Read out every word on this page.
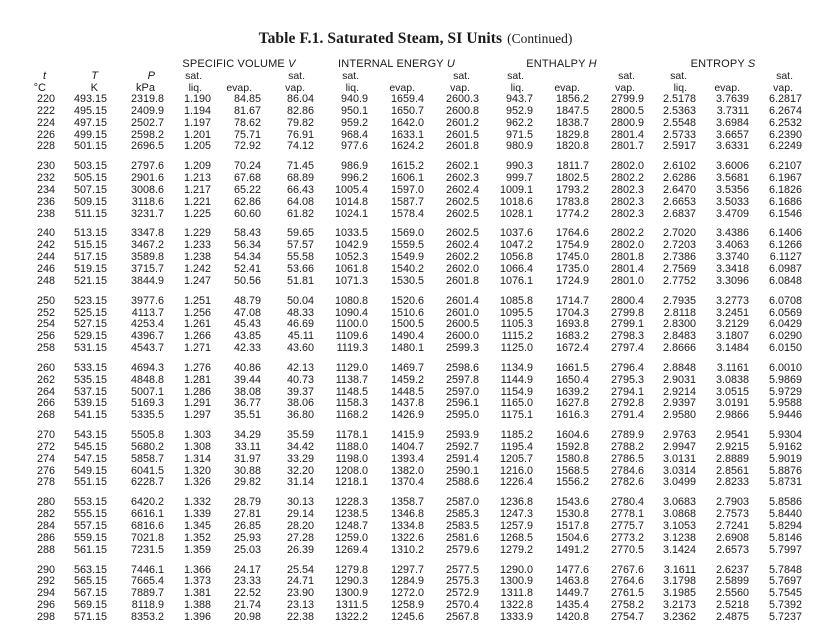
Table F.1. Saturated Steam, SI Units (Continued)
			SPECIFIC VOLUME V			INTERNAL ENERGY U			ENTHALPY H			ENTROPY S		
t	T	P	sat.		sat.	sat.		sat.	sat.		sat.	sat.		sat.
°C	K	kPa	liq.	evap.	vap.	liq.	evap.	vap.	liq.	evap.	vap.	liq.	evap.	vap.
220	493.15	2319.8	1.190	84.85	86.04	940.9	1659.4	2600.3	943.7	1856.2	2799.9	2.5178	3.7639	6.2817
222	495.15	2409.9	1.194	81.67	82.86	950.1	1650.7	2600.8	952.9	1847.5	2800.5	2.5363	3.7311	6.2674
224	497.15	2502.7	1.197	78.62	79.82	959.2	1642.0	2601.2	962.2	1838.7	2800.9	2.5548	3.6984	6.2532
226	499.15	2598.2	1.201	75.71	76.91	968.4	1633.1	2601.5	971.5	1829.8	2801.4	2.5733	3.6657	6.2390
228	501.15	2696.5	1.205	72.92	74.12	977.6	1624.2	2601.8	980.9	1820.8	2801.7	2.5917	3.6331	6.2249

230	503.15	2797.6	1.209	70.24	71.45	986.9	1615.2	2602.1	990.3	1811.7	2802.0	2.6102	3.6006	6.2107
232	505.15	2901.6	1.213	67.68	68.89	996.2	1606.1	2602.3	999.7	1802.5	2802.2	2.6286	3.5681	6.1967
234	507.15	3008.6	1.217	65.22	66.43	1005.4	1597.0	2602.4	1009.1	1793.2	2802.3	2.6470	3.5356	6.1826
236	509.15	3118.6	1.221	62.86	64.08	1014.8	1587.7	2602.5	1018.6	1783.8	2802.3	2.6653	3.5033	6.1686
238	511.15	3231.7	1.225	60.60	61.82	1024.1	1578.4	2602.5	1028.1	1774.2	2802.3	2.6837	3.4709	6.1546

240	513.15	3347.8	1.229	58.43	59.65	1033.5	1569.0	2602.5	1037.6	1764.6	2802.2	2.7020	3.4386	6.1406
242	515.15	3467.2	1.233	56.34	57.57	1042.9	1559.5	2602.4	1047.2	1754.9	2802.0	2.7203	3.4063	6.1266
244	517.15	3589.8	1.238	54.34	55.58	1052.3	1549.9	2602.2	1056.8	1745.0	2801.8	2.7386	3.3740	6.1127
246	519.15	3715.7	1.242	52.41	53.66	1061.8	1540.2	2602.0	1066.4	1735.0	2801.4	2.7569	3.3418	6.0987
248	521.15	3844.9	1.247	50.56	51.81	1071.3	1530.5	2601.8	1076.1	1724.9	2801.0	2.7752	3.3096	6.0848

250	523.15	3977.6	1.251	48.79	50.04	1080.8	1520.6	2601.4	1085.8	1714.7	2800.4	2.7935	3.2773	6.0708
252	525.15	4113.7	1.256	47.08	48.33	1090.4	1510.6	2601.0	1095.5	1704.3	2799.8	2.8118	3.2451	6.0569
254	527.15	4253.4	1.261	45.43	46.69	1100.0	1500.5	2600.5	1105.3	1693.8	2799.1	2.8300	3.2129	6.0429
256	529.15	4396.7	1.266	43.85	45.11	1109.6	1490.4	2600.0	1115.2	1683.2	2798.3	2.8483	3.1807	6.0290
258	531.15	4543.7	1.271	42.33	43.60	1119.3	1480.1	2599.3	1125.0	1672.4	2797.4	2.8666	3.1484	6.0150

260	533.15	4694.3	1.276	40.86	42.13	1129.0	1469.7	2598.6	1134.9	1661.5	2796.4	2.8848	3.1161	6.0010
262	535.15	4848.8	1.281	39.44	40.73	1138.7	1459.2	2597.8	1144.9	1650.4	2795.3	2.9031	3.0838	5.9869
264	537.15	5007.1	1.286	38.08	39.37	1148.5	1448.5	2597.0	1154.9	1639.2	2794.1	2.9214	3.0515	5.9729
266	539.15	5169.3	1.291	36.77	38.06	1158.3	1437.8	2596.1	1165.0	1627.8	2792.8	2.9397	3.0191	5.9588
268	541.15	5335.5	1.297	35.51	36.80	1168.2	1426.9	2595.0	1175.1	1616.3	2791.4	2.9580	2.9866	5.9446

270	543.15	5505.8	1.303	34.29	35.59	1178.1	1415.9	2593.9	1185.2	1604.6	2789.9	2.9763	2.9541	5.9304
272	545.15	5680.2	1.308	33.11	34.42	1188.0	1404.7	2592.7	1195.4	1592.8	2788.2	2.9947	2.9215	5.9162
274	547.15	5858.7	1.314	31.97	33.29	1198.0	1393.4	2591.4	1205.7	1580.8	2786.5	3.0131	2.8889	5.9019
276	549.15	6041.5	1.320	30.88	32.20	1208.0	1382.0	2590.1	1216.0	1568.5	2784.6	3.0314	2.8561	5.8876
278	551.15	6228.7	1.326	29.82	31.14	1218.1	1370.4	2588.6	1226.4	1556.2	2782.6	3.0499	2.8233	5.8731

280	553.15	6420.2	1.332	28.79	30.13	1228.3	1358.7	2587.0	1236.8	1543.6	2780.4	3.0683	2.7903	5.8586
282	555.15	6616.1	1.339	27.81	29.14	1238.5	1346.8	2585.3	1247.3	1530.8	2778.1	3.0868	2.7573	5.8440
284	557.15	6816.6	1.345	26.85	28.20	1248.7	1334.8	2583.5	1257.9	1517.8	2775.7	3.1053	2.7241	5.8294
286	559.15	7021.8	1.352	25.93	27.28	1259.0	1322.6	2581.6	1268.5	1504.6	2773.2	3.1238	2.6908	5.8146
288	561.15	7231.5	1.359	25.03	26.39	1269.4	1310.2	2579.6	1279.2	1491.2	2770.5	3.1424	2.6573	5.7997

290	563.15	7446.1	1.366	24.17	25.54	1279.8	1297.7	2577.5	1290.0	1477.6	2767.6	3.1611	2.6237	5.7848
292	565.15	7665.4	1.373	23.33	24.71	1290.3	1284.9	2575.3	1300.9	1463.8	2764.6	3.1798	2.5899	5.7697
294	567.15	7889.7	1.381	22.52	23.90	1300.9	1272.0	2572.9	1311.8	1449.7	2761.5	3.1985	2.5560	5.7545
296	569.15	8118.9	1.388	21.74	23.13	1311.5	1258.9	2570.4	1322.8	1435.4	2758.2	3.2173	2.5218	5.7392
298	571.15	8353.2	1.396	20.98	22.38	1322.2	1245.6	2567.8	1333.9	1420.8	2754.7	3.2362	2.4875	5.7237
